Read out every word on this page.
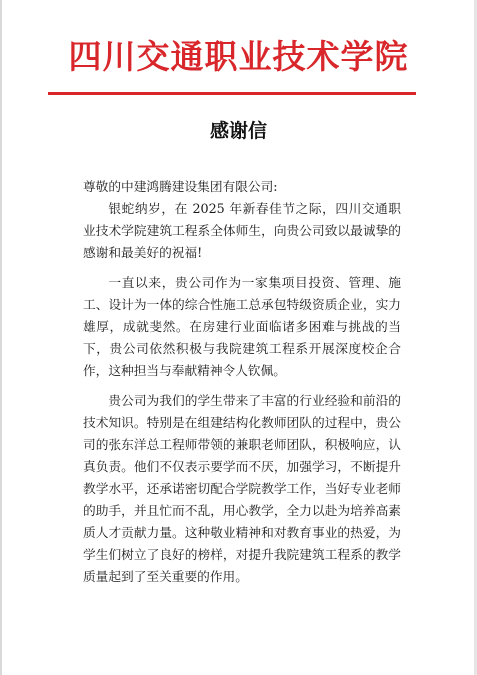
四川交通职业技术学院
感谢信

尊敬的中建鸿腾建设集团有限公司:

银蛇纳岁，在 2025 年新春佳节之际，四川交通职业技术学院建筑工程系全体师生，向贵公司致以最诚挚的感谢和最美好的祝福!

一直以来，贵公司作为一家集项目投资、管理、施工、设计为一体的综合性施工总承包特级资质企业，实力雄厚，成就斐然。在房建行业面临诸多困难与挑战的当下，贵公司依然积极与我院建筑工程系开展深度校企合作，这种担当与奉献精神令人钦佩。

贵公司为我们的学生带来了丰富的行业经验和前沿的技术知识。特别是在组建结构化教师团队的过程中，贵公司的张东洋总工程师带领的兼职老师团队，积极响应，认真负责。他们不仅表示要学而不厌，加强学习，不断提升教学水平，还承诺密切配合学院教学工作，当好专业老师的助手，并且忙而不乱，用心教学，全力以赴为培养高素质人才贡献力量。这种敬业精神和对教育事业的热爱，为学生们树立了良好的榜样，对提升我院建筑工程系的教学质量起到了至关重要的作用。
